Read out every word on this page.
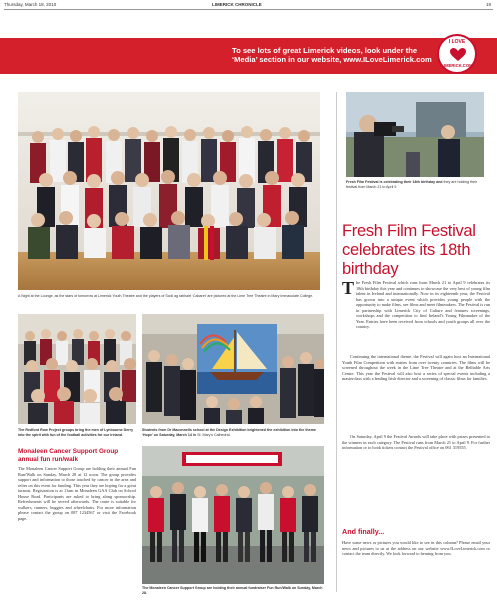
Thursday, March 18, 2010	LIMERICK CHRONICLE	19
To see lots of great Limerick videos, look under the
‘Media’ section in our website, www.ILoveLimerick.com
I LOVE
LIMERICK.COM
A Night at the Lounge, as the stars of tomorrow at Limerick Youth Theatre and the players of Scoil ag tabhairt ‘Cabaret’ are pictured at the Lime Tree Theatre in Mary Immaculate College.
Fresh Film Festival is celebrating their 18th birthday and they are holding their festival from March 21 to April 9
The Redford Row Project groups bring the men of Lynbourne Derry into the spirit with fun of the football activities for our Ireland.
Students from Dr Maconnells school at the Design Exhibition brightened the exhibition into the theme ‘Hope’ on Saturday, March 14 in St. Mary’s Cathedral.
Monaleen Cancer Support Group
annual fun run/walk
The Monaleen Cancer Support Group are holding their annual Fun Run/Walk on Sunday, March 28 at 12 noon. The group provides support and information to those touched by cancer in the area and relies on this event for funding. This year they are hoping for a great turnout. Registration is at 11am in Monaleen GAA Club on School House Road. Participants are asked to bring along sponsorship. Refreshments will be served afterwards. The route is suitable for walkers, runners, buggies and wheelchairs. For more information please contact the group on 087 1234567 or visit the Facebook page.
The Monaleen Cancer Support Group are holding their annual fundraiser Fun Run/Walk on Sunday, March 28.
Fresh Film Festival celebrates its 18th birthday
T he Fresh Film Festival which runs from March 21 to April 9 celebrates its 18th birthday this year and continues to showcase the very best of young film talent in Ireland and internationally. Now in its eighteenth year, the Festival has grown into a unique event which provides young people with the opportunity to make films, see films and meet filmmakers. The Festival is run in partnership with Limerick City of Culture and features screenings, workshops and the competition to find Ireland’s Young Filmmaker of the Year. Entries have been received from schools and youth groups all over the country.
Continuing the international theme, the Festival will again host an International Youth Film Competition with entries from over twenty countries. The films will be screened throughout the week in the Lime Tree Theatre and at the Belltable Arts Centre. This year the Festival will also host a series of special events including a masterclass with a leading Irish director and a screening of classic films for families.
On Saturday, April 9 the Festival Awards will take place with prizes presented to the winners in each category. The Festival runs from March 21 to April 9. For further information or to book tickets contact the Festival office on 061 319555.
And finally...
Have some news or pictures you would like to see in this column? Please email your news and pictures to us at the address on our website www.ILoveLimerick.com or contact the team directly. We look forward to hearing from you.
